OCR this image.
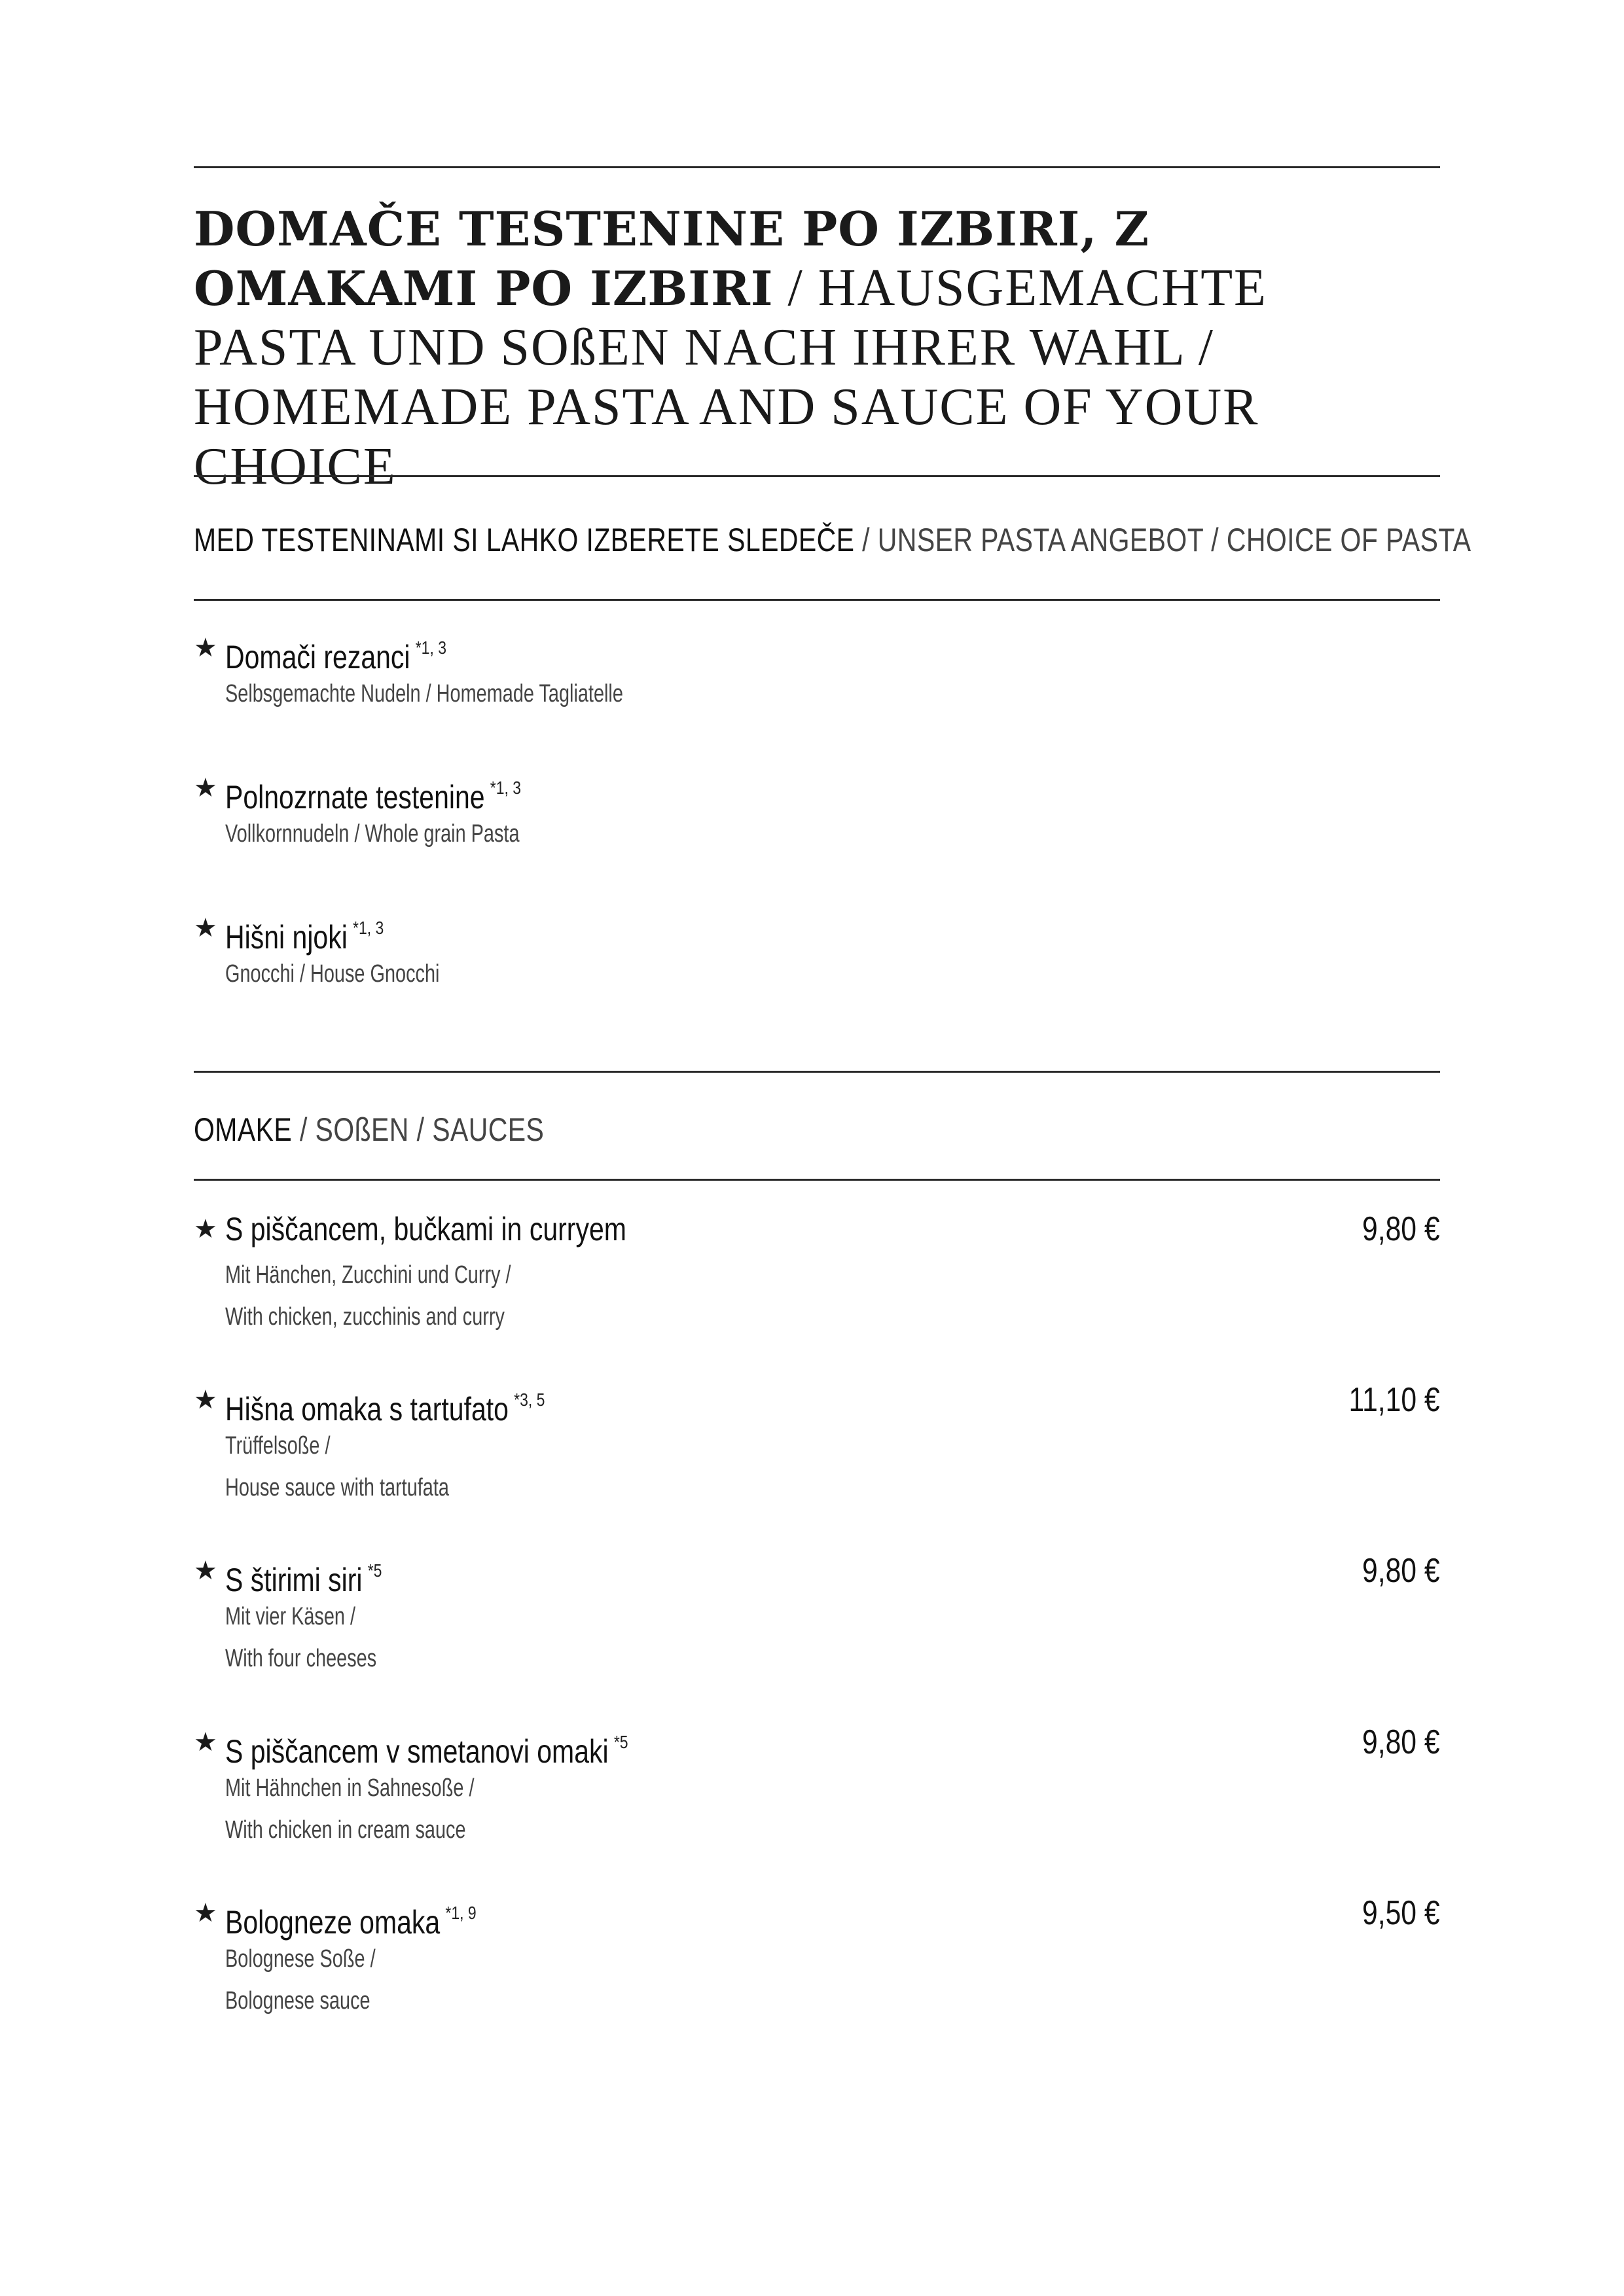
DOMAČE TESTENINE PO IZBIRI, Z OMAKAMI PO IZBIRI / HAUSGEMACHTE PASTA UND SOßEN NACH IHRER WAHL / HOMEMADE PASTA AND SAUCE OF YOUR CHOICE
MED TESTENINAMI SI LAHKO IZBERETE SLEDEČE / UNSER PASTA ANGEBOT / CHOICE OF PASTA
★ Domači rezanci $^{*1, 3}$
Selbsgemachte Nudeln / Homemade Tagliatelle
★ Polnozrnate testenine $^{*1, 3}$
Vollkornnudeln / Whole grain Pasta
★ Hišni njoki $^{*1, 3}$
Gnocchi / House Gnocchi
OMAKE / SOßEN / SAUCES
★ S piščancem, bučkami in curryem	9,80 €
Mit Hänchen, Zucchini und Curry /
With chicken, zucchinis and curry
★ Hišna omaka s tartufato $^{*3, 5}$	11,10 €
Trüffelsoße /
House sauce with tartufata
★ S štirimi siri $^{*5}$	9,80 €
Mit vier Käsen /
With four cheeses
★ S piščancem v smetanovi omaki $^{*5}$	9,80 €
Mit Hähnchen in Sahnesoße /
With chicken in cream sauce
★ Bologneze omaka $^{*1, 9}$	9,50 €
Bolognese Soße /
Bolognese sauce
